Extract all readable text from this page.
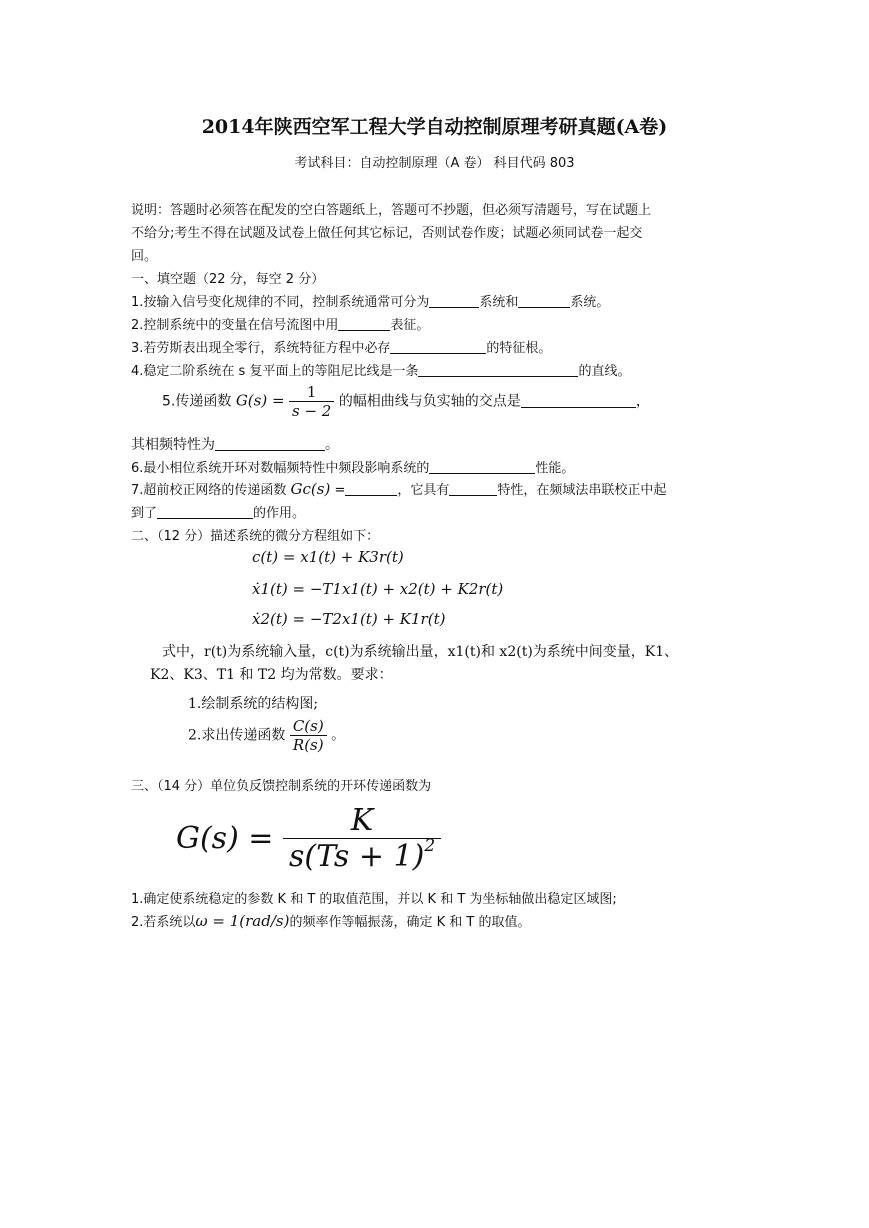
2014年陕西空军工程大学自动控制原理考研真题(A卷)
考试科目：自动控制原理（A 卷） 科目代码 803
说明：答题时必须答在配发的空白答题纸上，答题可不抄题，但必须写清题号，写在试题上
不给分;考生不得在试题及试卷上做任何其它标记，否则试卷作废；试题必须同试卷一起交
回。
一、填空题（22 分，每空 2 分）
1.按输入信号变化规律的不同，控制系统通常可分为	系统和	系统。
2.控制系统中的变量在信号流图中用	表征。
3.若劳斯表出现全零行，系统特征方程中必存	的特征根。
4.稳定二阶系统在 s 复平面上的等阻尼比线是一条	的直线。
5.传递函数 $G(s) = \frac{1}{s - 2}$ 的幅相曲线与负实轴的交点是	，
其相频特性为	。
6.最小相位系统开环对数幅频特性中频段影响系统的	性能。
7.超前校正网络的传递函数 Gc(s) =	，它具有	特性，在频域法串联校正中起
到了	的作用。
二、（12 分）描述系统的微分方程组如下：
c(t) = x1(t) + K3r(t)
ẋ1(t) = −T1x1(t) + x2(t) + K2r(t)
ẋ2(t) = −T2x1(t) + K1r(t)
式中，r(t)为系统输入量，c(t)为系统输出量，x1(t)和 x2(t)为系统中间变量，K1、
K2、K3、T1 和 T2 均为常数。要求：
1.绘制系统的结构图;
2.求出传递函数 $\frac{C(s)}{R(s)}$ 。
三、（14 分）单位负反馈控制系统的开环传递函数为
$G(s) = \frac{K}{s(Ts + 1)^2}$
1.确定使系统稳定的参数 K 和 T 的取值范围，并以 K 和 T 为坐标轴做出稳定区域图;
2.若系统以ω = 1(rad/s)的频率作等幅振荡，确定 K 和 T 的取值。
